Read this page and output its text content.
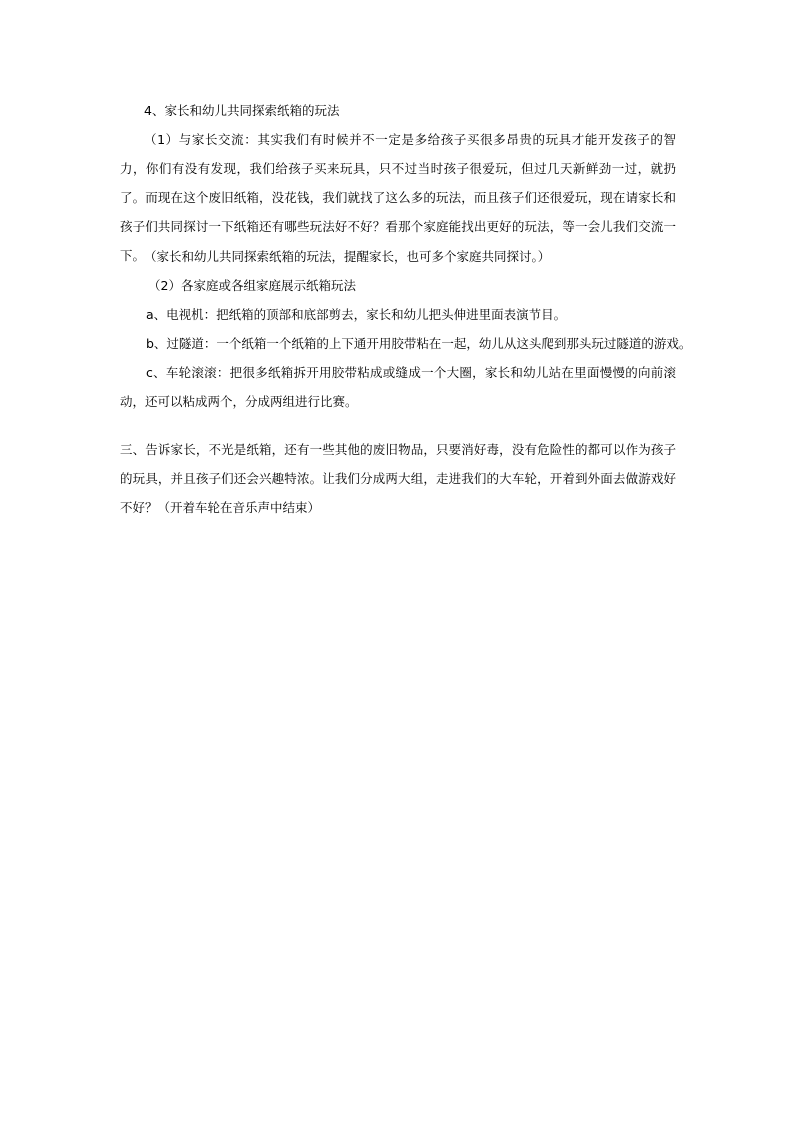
4、家长和幼儿共同探索纸箱的玩法
（1）与家长交流：其实我们有时候并不一定是多给孩子买很多昂贵的玩具才能开发孩子的智力，你们有没有发现，我们给孩子买来玩具，只不过当时孩子很爱玩，但过几天新鲜劲一过，就扔了。而现在这个废旧纸箱，没花钱，我们就找了这么多的玩法，而且孩子们还很爱玩，现在请家长和孩子们共同探讨一下纸箱还有哪些玩法好不好？看那个家庭能找出更好的玩法，等一会儿我们交流一下。
（家长和幼儿共同探索纸箱的玩法，提醒家长，也可多个家庭共同探讨。）
（2）各家庭或各组家庭展示纸箱玩法
a、电视机：把纸箱的顶部和底部剪去，家长和幼儿把头伸进里面表演节目。
b、过隧道：一个纸箱一个纸箱的上下通开用胶带粘在一起，幼儿从这头爬到那头玩过隧道的游戏。
c、车轮滚滚：把很多纸箱拆开用胶带粘成或缝成一个大圈，家长和幼儿站在里面慢慢的向前滚动，还可以粘成两个，分成两组进行比赛。
三、告诉家长，不光是纸箱，还有一些其他的废旧物品，只要消好毒，没有危险性的都可以作为孩子的玩具，并且孩子们还会兴趣特浓。让我们分成两大组，走进我们的大车轮，开着到外面去做游戏好不好？（开着车轮在音乐声中结束）
